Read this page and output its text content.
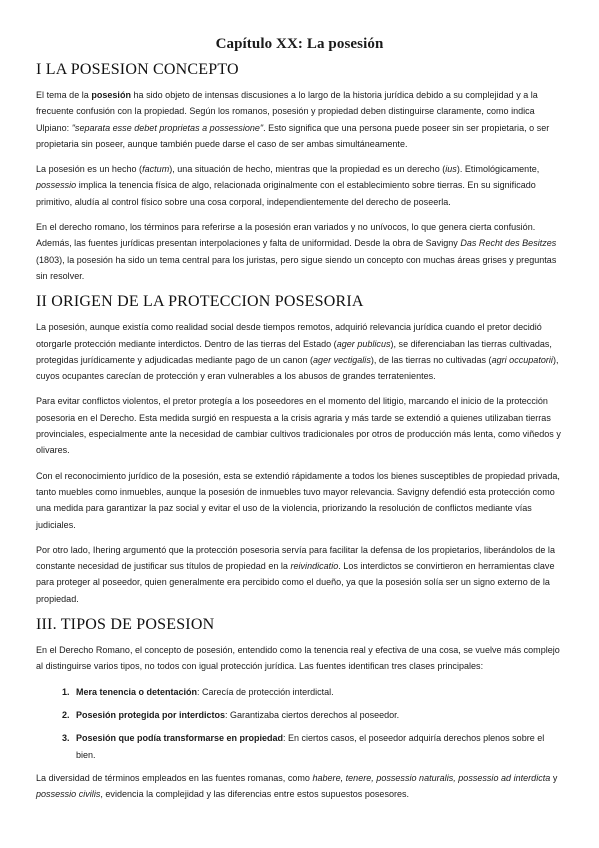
Capítulo XX: La posesión
I LA POSESION CONCEPTO

El tema de la posesión ha sido objeto de intensas discusiones a lo largo de la historia jurídica debido a su complejidad y a la frecuente confusión con la propiedad. Según los romanos, posesión y propiedad deben distinguirse claramente, como indica Ulpiano: "separata esse debet proprietas a possessione". Esto significa que una persona puede poseer sin ser propietaria, o ser propietaria sin poseer, aunque también puede darse el caso de ser ambas simultáneamente.

La posesión es un hecho (factum), una situación de hecho, mientras que la propiedad es un derecho (ius). Etimológicamente, possessio implica la tenencia física de algo, relacionada originalmente con el establecimiento sobre tierras. En su significado primitivo, aludía al control físico sobre una cosa corporal, independientemente del derecho de poseerla.

En el derecho romano, los términos para referirse a la posesión eran variados y no unívocos, lo que genera cierta confusión. Además, las fuentes jurídicas presentan interpolaciones y falta de uniformidad. Desde la obra de Savigny Das Recht des Besitzes (1803), la posesión ha sido un tema central para los juristas, pero sigue siendo un concepto con muchas áreas grises y preguntas sin resolver.

II ORIGEN DE LA PROTECCION POSESORIA

La posesión, aunque existía como realidad social desde tiempos remotos, adquirió relevancia jurídica cuando el pretor decidió otorgarle protección mediante interdictos. Dentro de las tierras del Estado (ager publicus), se diferenciaban las tierras cultivadas, protegidas jurídicamente y adjudicadas mediante pago de un canon (ager vectigalis), de las tierras no cultivadas (agri occupatorii), cuyos ocupantes carecían de protección y eran vulnerables a los abusos de grandes terratenientes.

Para evitar conflictos violentos, el pretor protegía a los poseedores en el momento del litigio, marcando el inicio de la protección posesoria en el Derecho. Esta medida surgió en respuesta a la crisis agraria y más tarde se extendió a quienes utilizaban tierras provinciales, especialmente ante la necesidad de cambiar cultivos tradicionales por otros de producción más lenta, como viñedos y olivares.

Con el reconocimiento jurídico de la posesión, esta se extendió rápidamente a todos los bienes susceptibles de propiedad privada, tanto muebles como inmuebles, aunque la posesión de inmuebles tuvo mayor relevancia. Savigny defendió esta protección como una medida para garantizar la paz social y evitar el uso de la violencia, priorizando la resolución de conflictos mediante vías judiciales.

Por otro lado, Ihering argumentó que la protección posesoria servía para facilitar la defensa de los propietarios, liberándolos de la constante necesidad de justificar sus títulos de propiedad en la reivindicatio. Los interdictos se convirtieron en herramientas clave para proteger al poseedor, quien generalmente era percibido como el dueño, ya que la posesión solía ser un signo externo de la propiedad.

III. TIPOS DE POSESION

En el Derecho Romano, el concepto de posesión, entendido como la tenencia real y efectiva de una cosa, se vuelve más complejo al distinguirse varios tipos, no todos con igual protección jurídica. Las fuentes identifican tres clases principales:

1. Mera tenencia o detentación: Carecía de protección interdictal.
2. Posesión protegida por interdictos: Garantizaba ciertos derechos al poseedor.
3. Posesión que podía transformarse en propiedad: En ciertos casos, el poseedor adquiría derechos plenos sobre el bien.

La diversidad de términos empleados en las fuentes romanas, como habere, tenere, possessio naturalis, possessio ad interdicta y possessio civilis, evidencia la complejidad y las diferencias entre estos supuestos posesores.
